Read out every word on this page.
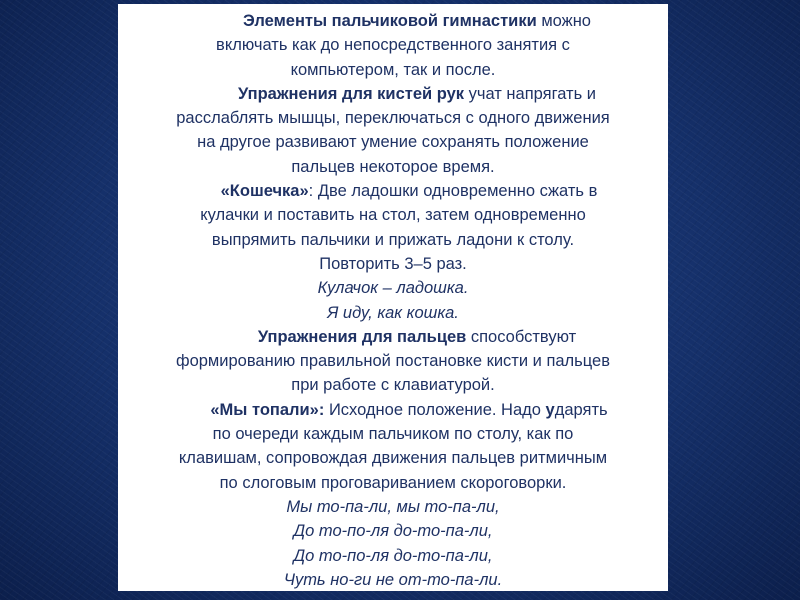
Элементы пальчиковой гимнастики можно
включать как до непосредственного занятия с
компьютером, так и после.
Упражнения для кистей рук учат напрягать и
расслаблять мышцы, переключаться с одного движения
на другое развивают умение сохранять положение
пальцев некоторое время.
«Кошечка»: Две ладошки одновременно сжать в
кулачки и поставить на стол, затем одновременно
выпрямить пальчики и прижать ладони к столу.
Повторить 3–5 раз.
Кулачок – ладошка.
Я иду, как кошка.
Упражнения для пальцев способствуют
формированию правильной постановке кисти и пальцев
при работе с клавиатурой.
«Мы топали»: Исходное положение. Надо ударять
по очереди каждым пальчиком по столу, как по
клавишам, сопровождая движения пальцев ритмичным
по слоговым проговариванием скороговорки.
Мы то-па-ли, мы то-па-ли,
До то-по-ля до-то-па-ли,
До то-по-ля до-то-па-ли,
Чуть но-ги не от-то-па-ли.
